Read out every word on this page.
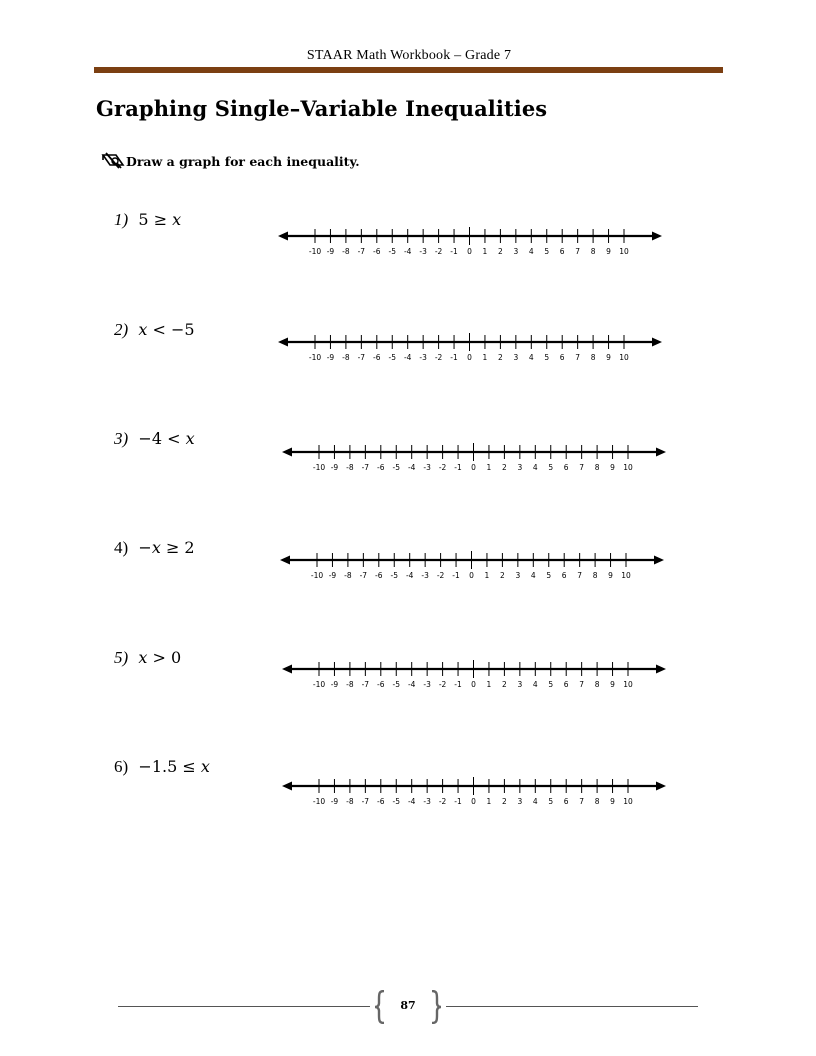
STAAR Math Workbook – Grade 7
Graphing Single–Variable Inequalities
Draw a graph for each inequality.
1) 5 ≥ 𝑥
-10 -9 -8 -7 -6 -5 -4 -3 -2 -1 0 1 2 3 4 5 6 7 8 9 10
2) 𝑥 < −5
-10 -9 -8 -7 -6 -5 -4 -3 -2 -1 0 1 2 3 4 5 6 7 8 9 10
3) −4 < 𝑥
-10 -9 -8 -7 -6 -5 -4 -3 -2 -1 0 1 2 3 4 5 6 7 8 9 10
4) −𝑥 ≥ 2
-10 -9 -8 -7 -6 -5 -4 -3 -2 -1 0 1 2 3 4 5 6 7 8 9 10
5) 𝑥 > 0
-10 -9 -8 -7 -6 -5 -4 -3 -2 -1 0 1 2 3 4 5 6 7 8 9 10
6) −1.5 ≤ 𝑥
-10 -9 -8 -7 -6 -5 -4 -3 -2 -1 0 1 2 3 4 5 6 7 8 9 10
87
